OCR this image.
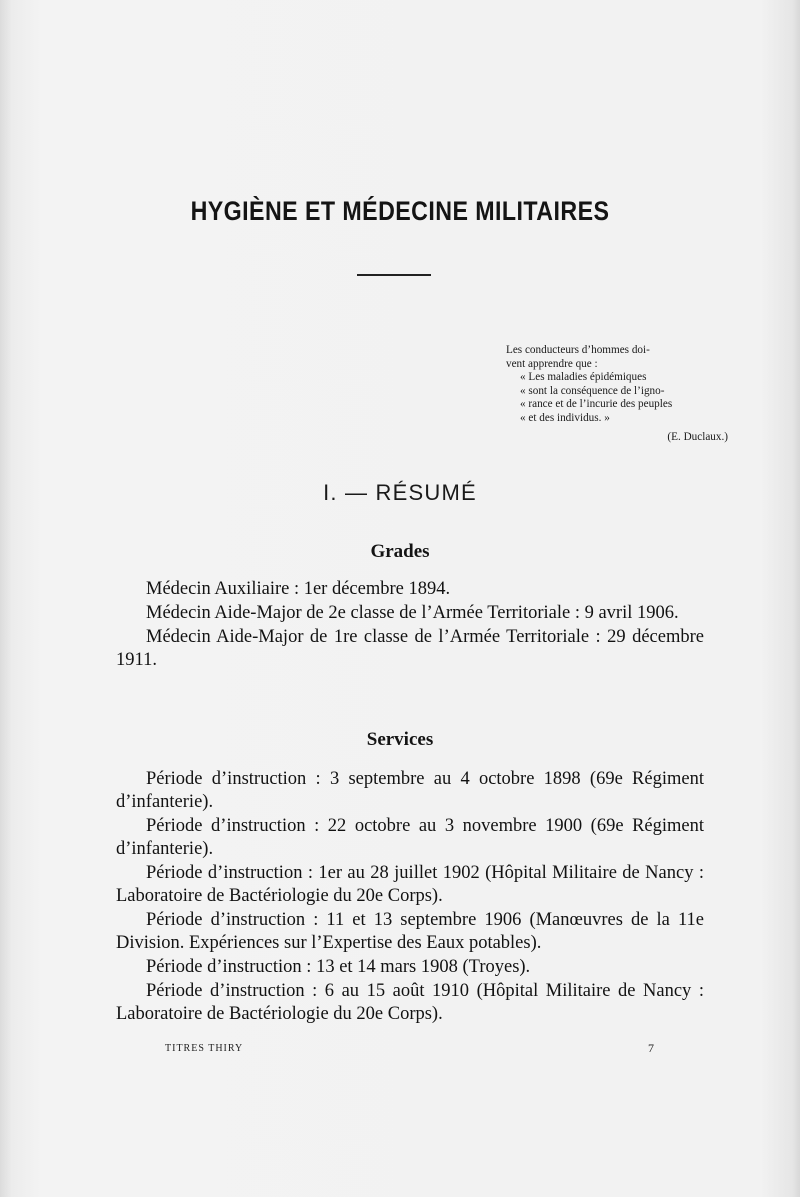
HYGIÈNE ET MÉDECINE MILITAIRES
Les conducteurs d’hommes doi-
vent apprendre que :
« Les maladies épidémiques
« sont la conséquence de l’igno-
« rance et de l’incurie des peuples
« et des individus. »
(E. Duclaux.)
I. — RÉSUMÉ
Grades

Médecin Auxiliaire : 1er décembre 1894.

Médecin Aide-Major de 2e classe de l’Armée Territoriale : 9 avril 1906.

Médecin Aide-Major de 1re classe de l’Armée Territoriale : 29 décembre 1911.

Services

Période d’instruction : 3 septembre au 4 octobre 1898 (69e Régiment d’infanterie).

Période d’instruction : 22 octobre au 3 novembre 1900 (69e Régiment d’infanterie).

Période d’instruction : 1er au 28 juillet 1902 (Hôpital Militaire de Nancy : Laboratoire de Bactériologie du 20e Corps).

Période d’instruction : 11 et 13 septembre 1906 (Manœuvres de la 11e Division. Expériences sur l’Expertise des Eaux potables).

Période d’instruction : 13 et 14 mars 1908 (Troyes).

Période d’instruction : 6 au 15 août 1910 (Hôpital Militaire de Nancy : Laboratoire de Bactériologie du 20e Corps).

TITRES THIRY	7
